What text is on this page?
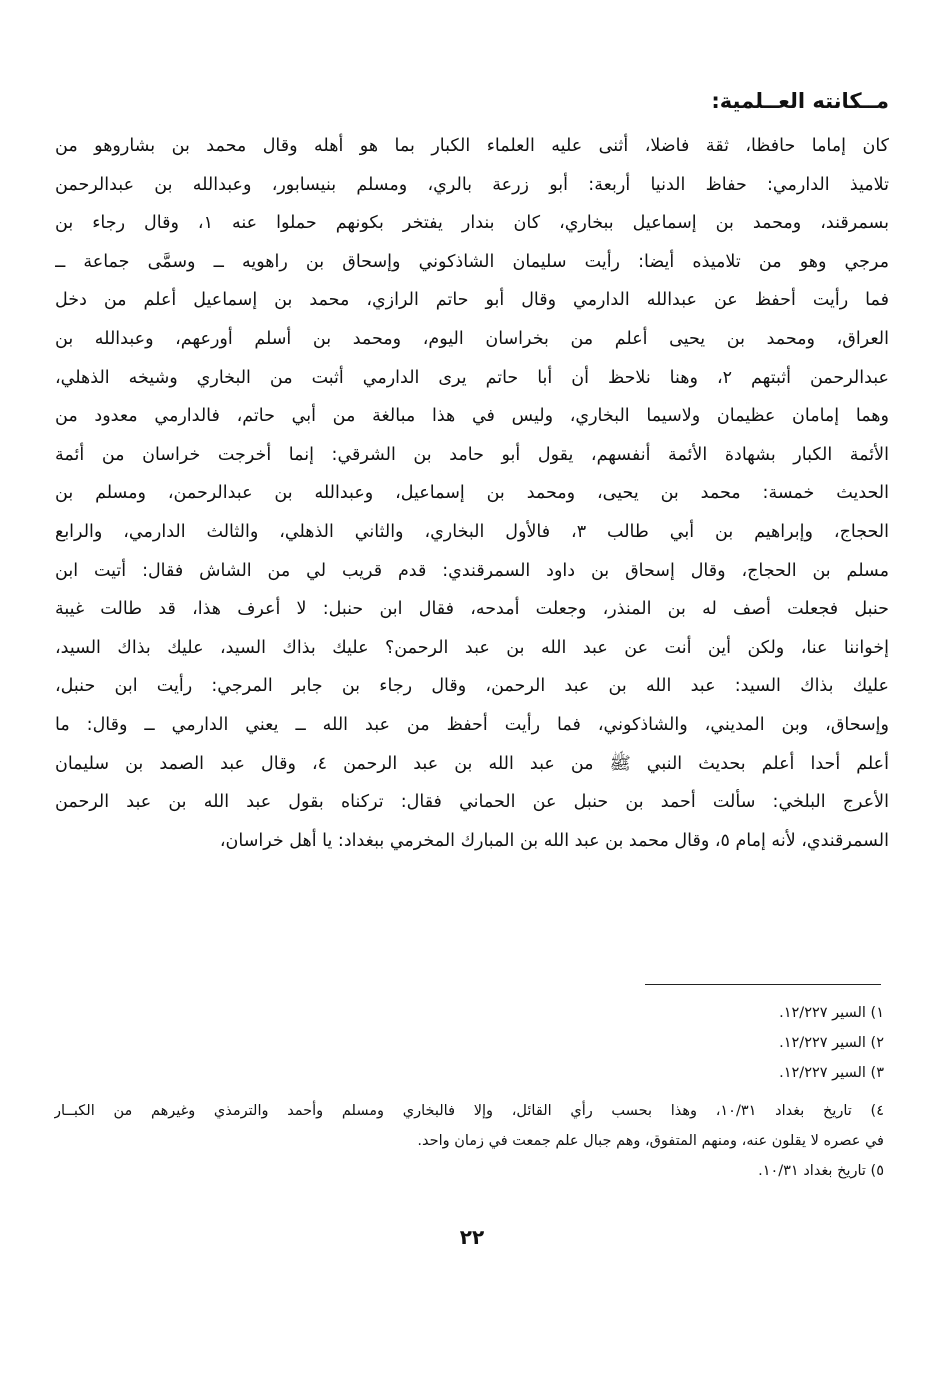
مــكانته العــلمية:
كان إماما حافظا، ثقة فاضلا، أثنى عليه العلماء الكبار بما هو أهله وقال محمد بن بشاروهو من
تلاميذ الدارمي: حفاظ الدنيا أربعة: أبو زرعة بالري، ومسلم بنيسابور، وعبدالله بن عبدالرحمن
بسمرقند، ومحمد بن إسماعيل ببخاري، كان بندار يفتخر بكونهم حملوا عنه ١، وقال رجاء بن
مرجي وهو من تلاميذه أيضا: رأيت سليمان الشاذكوني وإسحاق بن راهويه ــ وسمَّى جماعة ــ
فما رأيت أحفظ عن عبدالله الدارمي وقال أبو حاتم الرازي، محمد بن إسماعيل أعلم من دخل
العراق، ومحمد بن يحيى أعلم من بخراسان اليوم، ومحمد بن أسلم أورعهم، وعبدالله بن
عبدالرحمن أثبتهم ٢، وهنا نلاحظ أن أبا حاتم يرى الدارمي أثبت من البخاري وشيخه الذهلي،
وهما إمامان عظيمان ولاسيما البخاري، وليس في هذا مبالغة من أبي حاتم، فالدارمي معدود من
الأئمة الكبار بشهادة الأئمة أنفسهم، يقول أبو حامد بن الشرقي: إنما أخرجت خراسان من أئمة
الحديث خمسة: محمد بن يحيى، ومحمد بن إسماعيل، وعبدالله بن عبدالرحمن، ومسلم بن
الحجاج، وإبراهيم بن أبي طالب ٣، فالأول البخاري، والثاني الذهلي، والثالث الدارمي، والرابع
مسلم بن الحجاج، وقال إسحاق بن داود السمرقندي: قدم قريب لي من الشاش فقال: أتيت ابن
حنبل فجعلت أصف له بن المنذر، وجعلت أمدحه، فقال ابن حنبل: لا أعرف هذا، قد طالت غيبة
إخواننا عنا، ولكن أين أنت عن عبد الله بن عبد الرحمن؟ عليك بذاك السيد، عليك بذاك السيد،
عليك بذاك السيد: عبد الله بن عبد الرحمن، وقال رجاء بن جابر المرجي: رأيت ابن حنبل،
وإسحاق، وبن المديني، والشاذكوني، فما رأيت أحفظ من عبد الله ــ يعني الدارمي ــ وقال: ما
أعلم أحدا أعلم بحديث النبي ﷺ من عبد الله بن عبد الرحمن ٤، وقال عبد الصمد بن سليمان
الأعرج البلخي: سألت أحمد بن حنبل عن الحماني فقال: تركناه بقول عبد الله بن عبد الرحمن
السمرقندي، لأنه إمام ٥، وقال محمد بن عبد الله بن المبارك المخرمي ببغداد: يا أهل خراسان،
١) السير ١٢/٢٢٧.
٢) السير ١٢/٢٢٧.
٣) السير ١٢/٢٢٧.
٤) تاريخ بغداد ١٠/٣١، وهذا بحسب رأي القائل، وإلا فالبخاري ومسلم وأحمد والترمذي وغيرهم من الكبــار
في عصره لا يقلون عنه، ومنهم المتفوق، وهم جبال علم جمعت في زمان واحد.
٥) تاريخ بغداد ١٠/٣١.
٢٢
